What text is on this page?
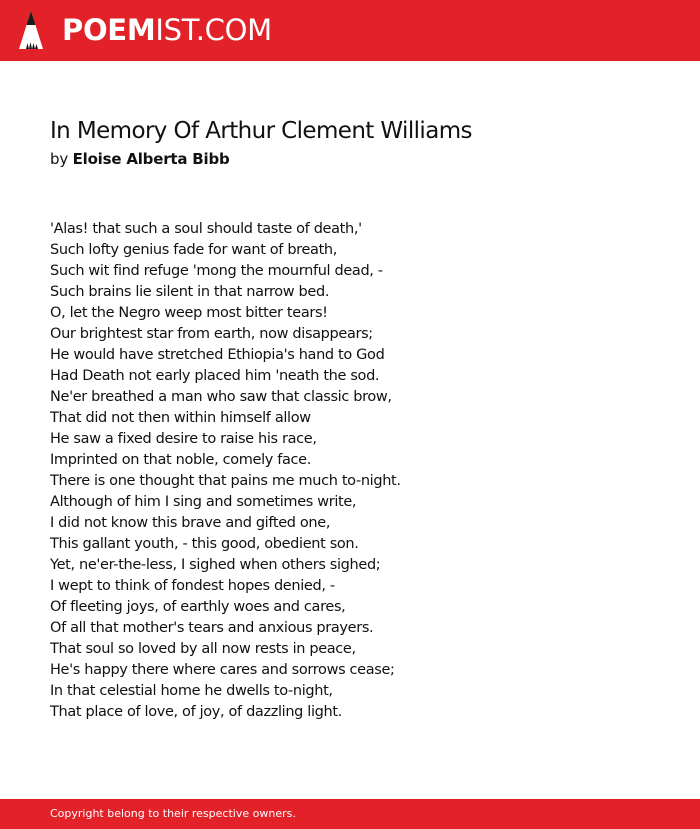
POEMIST.COM
In Memory Of Arthur Clement Williams
by Eloise Alberta Bibb
'Alas! that such a soul should taste of death,'
Such lofty genius fade for want of breath,
Such wit find refuge 'mong the mournful dead, -
Such brains lie silent in that narrow bed.
O, let the Negro weep most bitter tears!
Our brightest star from earth, now disappears;
He would have stretched Ethiopia's hand to God
Had Death not early placed him 'neath the sod.
Ne'er breathed a man who saw that classic brow,
That did not then within himself allow
He saw a fixed desire to raise his race,
Imprinted on that noble, comely face.
There is one thought that pains me much to-night.
Although of him I sing and sometimes write,
I did not know this brave and gifted one,
This gallant youth, - this good, obedient son.
Yet, ne'er-the-less, I sighed when others sighed;
I wept to think of fondest hopes denied, -
Of fleeting joys, of earthly woes and cares,
Of all that mother's tears and anxious prayers.
That soul so loved by all now rests in peace,
He's happy there where cares and sorrows cease;
In that celestial home he dwells to-night,
That place of love, of joy, of dazzling light.
Copyright belong to their respective owners.
